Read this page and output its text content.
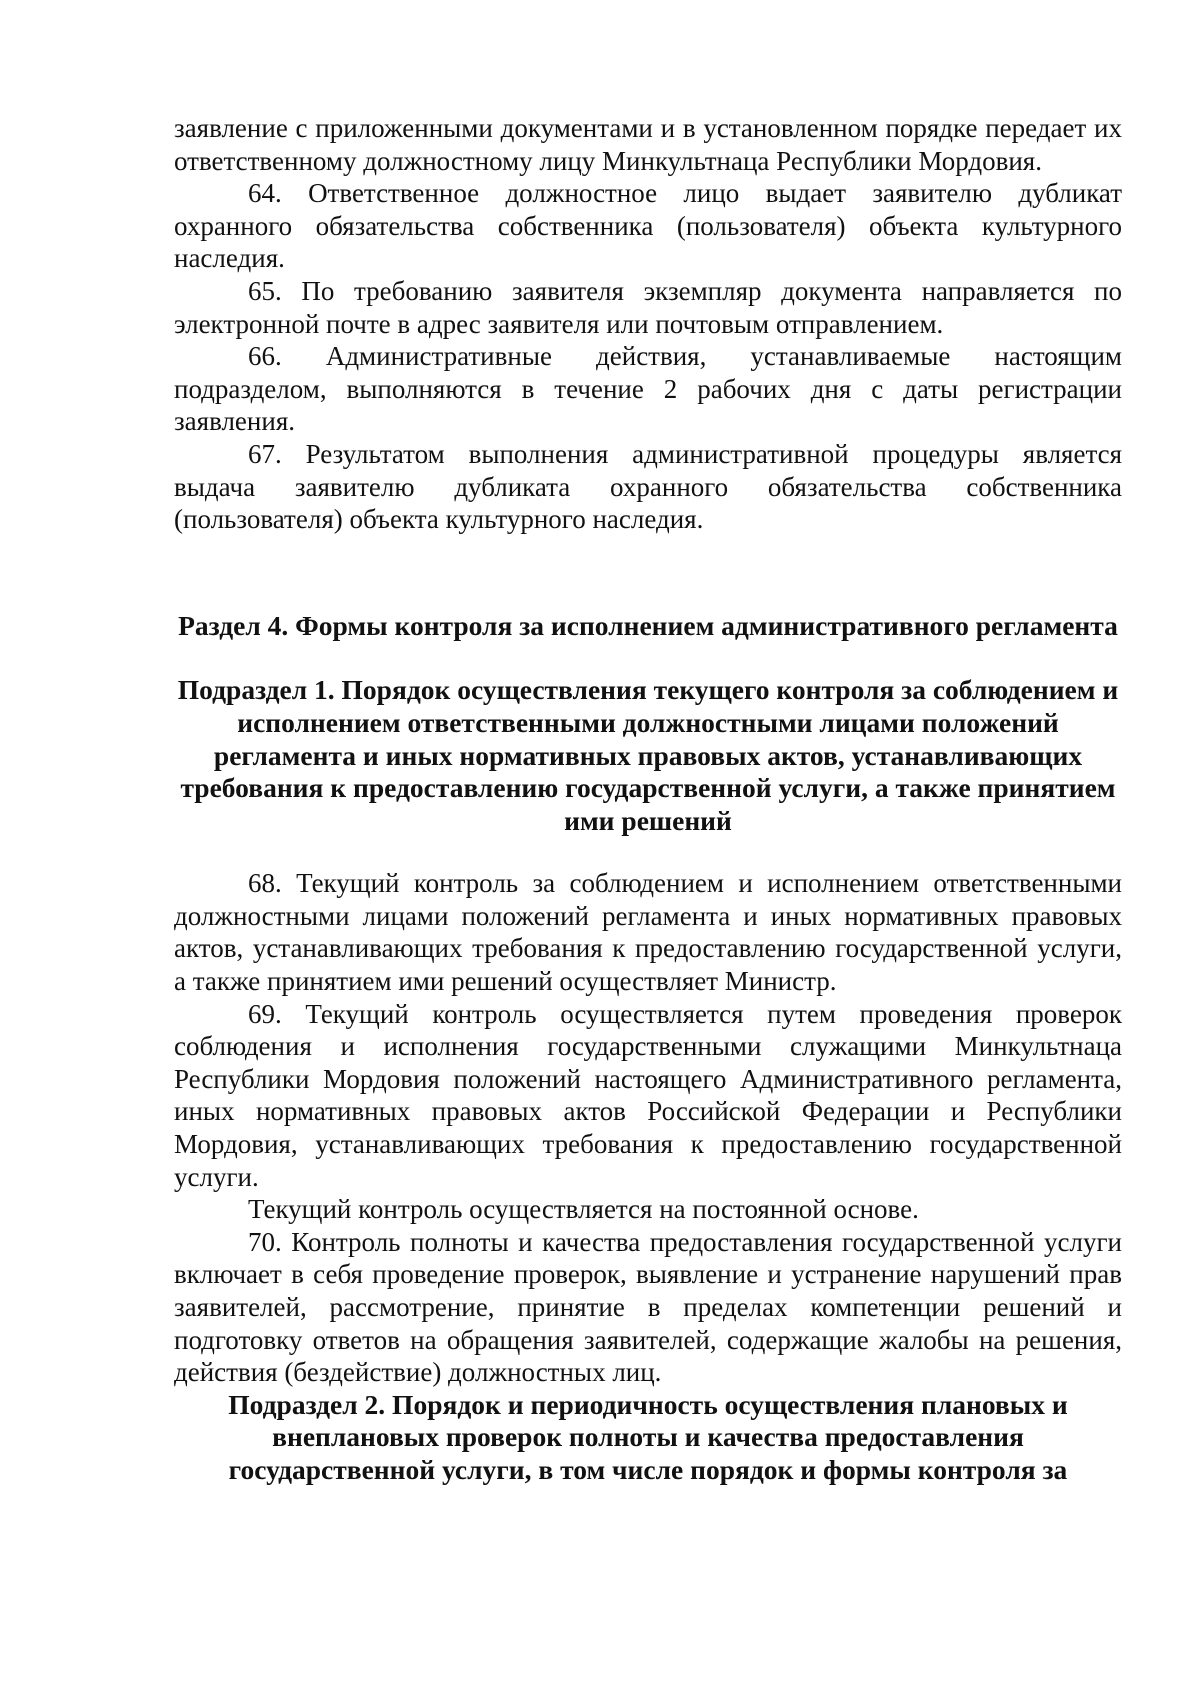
заявление с приложенными документами и в установленном порядке передает их ответственному должностному лицу Минкультнаца Республики Мордовия.

64. Ответственное должностное лицо выдает заявителю дубликат охранного обязательства собственника (пользователя) объекта культурного наследия.

65. По требованию заявителя экземпляр документа направляется по электронной почте в адрес заявителя или почтовым отправлением.

66. Административные действия, устанавливаемые настоящим подразделом, выполняются в течение 2 рабочих дня с даты регистрации заявления.

67. Результатом выполнения административной процедуры является выдача заявителю дубликата охранного обязательства собственника (пользователя) объекта культурного наследия.

Раздел 4. Формы контроля за исполнением административного регламента
Подраздел 1. Порядок осуществления текущего контроля за соблюдением и исполнением ответственными должностными лицами положений регламента и иных нормативных правовых актов, устанавливающих требования к предоставлению государственной услуги, а также принятием ими решений

68. Текущий контроль за соблюдением и исполнением ответственными должностными лицами положений регламента и иных нормативных правовых актов, устанавливающих требования к предоставлению государственной услуги, а также принятием ими решений осуществляет Министр.

69. Текущий контроль осуществляется путем проведения проверок соблюдения и исполнения государственными служащими Минкультнаца Республики Мордовия положений настоящего Административного регламента, иных нормативных правовых актов Российской Федерации и Республики Мордовия, устанавливающих требования к предоставлению государственной услуги.

Текущий контроль осуществляется на постоянной основе.

70. Контроль полноты и качества предоставления государственной услуги включает в себя проведение проверок, выявление и устранение нарушений прав заявителей, рассмотрение, принятие в пределах компетенции решений и подготовку ответов на обращения заявителей, содержащие жалобы на решения, действия (бездействие) должностных лиц.

Подраздел 2. Порядок и периодичность осуществления плановых и внеплановых проверок полноты и качества предоставления государственной услуги, в том числе порядок и формы контроля за
